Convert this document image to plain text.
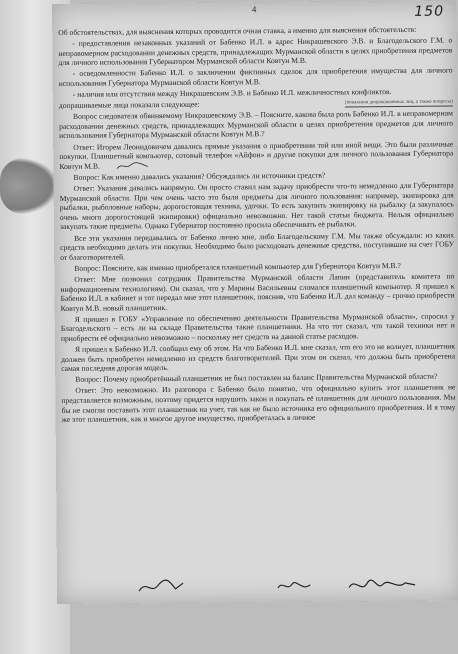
4	150

Об обстоятельствах, для выяснения которых проводится очная ставка, а именно для выяснения обстоятельств:

- предоставления незаконных указаний от Бабенко И.Л. в адрес Никрашевского Э.В. и Благодельского Г.М. о неправомерном расходовании денежных средств, принадлежащих Мурманской области в целях приобретения предметов для личного использования Губернатором Мурманской области Ковтун М.В.

- осведомленности Бабенко И.Л. о заключении фиктивных сделок для приобретения имущества для личного использования Губернатора Мурманской области Ковтун М.В.

- наличия или отсутствия между Никрашевским Э.В. и Бабенко И.Л. межличностных конфликтов.

(показания допрашиваемых лиц, а также вопросы)
допрашиваемые лица показали следующее:

Вопрос следователя обвиняемому Никрашевскому Э.В. – Поясните, какова была роль Бабенко И.Л. в неправомерном расходовании денежных средств, принадлежащих Мурманской области в целях приобретения предметов для личного использования Губернатора Мурманской области Ковтун М.В.?

Ответ: Игорем Леонидовичем давались прямые указания о приобретении той или иной вещи. Это были различные покупки. Планшетный компьютер, сотовый телефон «Айфон» и другие покупки для личного пользования Губернатора Ковтун М.В.

Вопрос: Как именно давались указания? Обсуждались ли источники средств?

Ответ: Указания давались напрямую. Он просто ставил нам задачу приобрести что-то немедленно для Губернатора Мурманской области. При чем очень часто это были предметы для личного пользования: например, экипировка для рыбалки, рыболовные наборы, дорогостоящая техника, удочки. То есть закупить экипировку на рыбалку (а закупалось очень много дорогостоящей экипировки) официально невозможно. Нет такой статьи бюджета. Нельзя официально закупать такие предметы. Однако Губернатор постоянно просила обеспечивать её рыбалки.

Все эти указания передавались от Бабенко лично мне, либо Благодельскому Г.М. Мы также обсуждали: из каких средств необходимо делать эти покупки. Необходимо было расходовать денежные средства, поступившие на счет ГОБУ от благотворителей.

Вопрос: Поясните, как именно приобретался планшетный компьютер для Губернатора Ковтун М.В.?

Ответ: Мне позвонил сотрудник Правительства Мурманской области Лапин (представитель комитета по информационным технологиям). Он сказал, что у Марины Васильевны сломался планшетный компьютер. Я пришел к Бабенко И.Л. в кабинет и тот передал мне этот планшетник, пояснив, что Бабенко И.Л. дал команду – срочно приобрести Ковтун М.В. новый планшетник.

Я пришел в ГОБУ «Управление по обеспечению деятельности Правительства Мурманской области», спросил у Благодельского – есть ли на складе Правительства такие планшетники. На что тот сказал, что такой техники нет и приобрести её официально невозможно – поскольку нет средств на данной статье расходов.

Я пришел к Бабенко И.Л. сообщил ему об этом. На что Бабенко И.Л. мне сказал, что его это не волнует, планшетник должен быть приобретен немедленно из средств благотворителей. При этом он сказал, что должна быть приобретена самая последняя дорогая модель.

Вопрос: Почему приобретённый планшетник не был поставлен на баланс Правительства Мурманской области?

Ответ: Это невозможно. Из разговора с Бабенко было понятно, что официально купить этот планшетник не представляется возможным, поэтому придется нарушить закон и покупать её планшетник для личного пользования. Мы бы не смогли поставить этот планшетник на учет, так как не было источника его официального приобретения. И я тому же этот планшетник, как и многое другое имущество, приобреталась в личное
